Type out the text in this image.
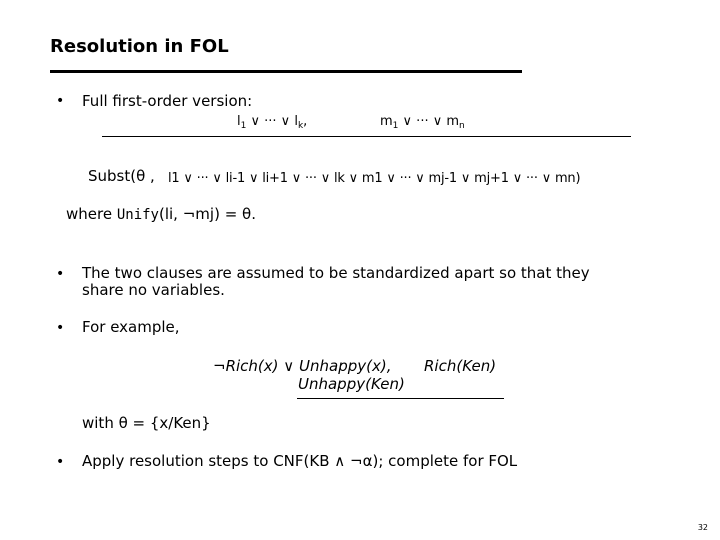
Resolution in FOL
• Full first-order version:
$l_1$ ∨ ··· ∨ $l_k$,	$m_1$ ∨ ··· ∨ $m_n$
Subst(θ , l1 ∨ ··· ∨ li-1 ∨ li+1 ∨ ··· ∨ lk ∨ m1 ∨ ··· ∨ mj-1 ∨ mj+1 ∨ ··· ∨ mn)
where Unify(li, ¬mj) = θ.
• The two clauses are assumed to be standardized apart so that they
share no variables.
• For example,
¬Rich(x) ∨ Unhappy(x), Rich(Ken)
Unhappy(Ken)
with θ = {x/Ken}
• Apply resolution steps to CNF(KB ∧ ¬α); complete for FOL
32
